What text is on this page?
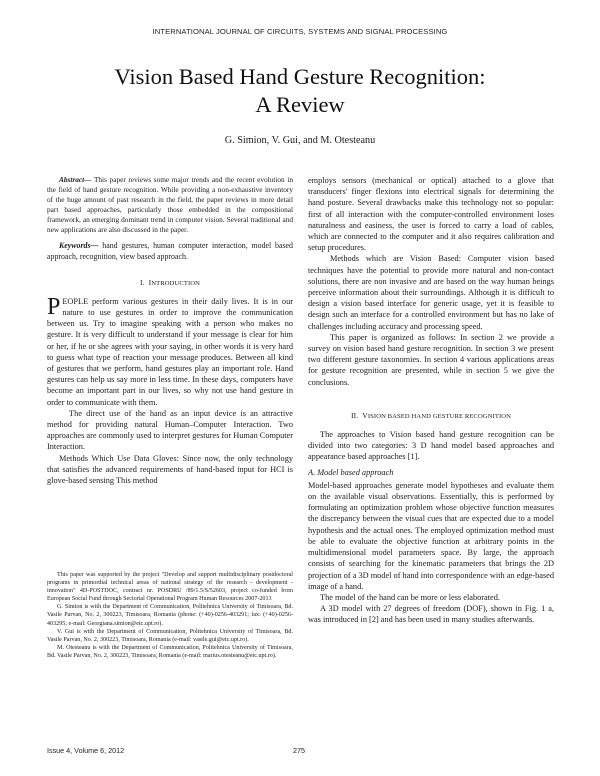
INTERNATIONAL JOURNAL OF CIRCUITS, SYSTEMS AND SIGNAL PROCESSING
Vision Based Hand Gesture Recognition:
A Review
G. Simion, V. Gui, and M. Otesteanu

Abstract— This paper reviews some major trends and the recent evolution in the field of hand gesture recognition. While providing a non-exhaustive inventory of the huge amount of past research in the field, the paper reviews in more detail part based approaches, particularly those embedded in the compositional framework, an emerging dominant trend in computer vision. Several traditional and new applications are also discussed in the paper.

Keywords— hand gestures, human computer interaction, model based approach, recognition, view based approach.

I. INTRODUCTION

PEOPLE perform various gestures in their daily lives. It is in our nature to use gestures in order to improve the communication between us. Try to imagine speaking with a person who makes no gesture. It is very difficult to understand if your message is clear for him or her, if he or she agrees with your saying, in other words it is very hard to guess what type of reaction your message produces. Between all kind of gestures that we perform, hand gestures play an important role. Hand gestures can help us say more in less time. In these days, computers have become an important part in our lives, so why not use hand gesture in order to communicate with them.

The direct use of the hand as an input device is an attractive method for providing natural Human–Computer Interaction. Two approaches are commonly used to interpret gestures for Human Computer Interaction.

Methods Which Use Data Gloves: Since now, the only technology that satisfies the advanced requirements of hand-based input for HCI is glove-based sensing This method

This paper was supported by the project "Develop and support multidisciplinary postdoctoral programs in primordial technical areas of national strategy of the research - development - innovation" 4D-POSTDOC, contract nr. POSDRU /89/1.5/S/52603, project co-funded from European Social Fund through Sectorial Operational Program Human Resources 2007-2013

G. Simion is with the Department of Communication, Politehnica University of Timisoara, Bd. Vasile Parvan, No. 2, 300223, Timisoara, Romania (phone: (+40)-0256-403291; fax: (+40)-0256-403295; e-mail: Georgiana.simion@etc.upt.ro).

V. Gui is with the Department of Communication, Politehnica University of Timisoara, Bd. Vasile Parvan, No. 2, 300223, Timisoara, Romania (e-mail: vasile.gui@etc.upt.ro).

M. Otesteanu is with the Department of Communication, Politehnica University of Timisoara, Bd. Vasile Parvan, No. 2, 300223, Timisoara, Romania (e-mail: marius.otesteanu@etc.upt.ro).

employs sensors (mechanical or optical) attached to a glove that transducers' finger flexions into electrical signals for determining the hand posture. Several drawbacks make this technology not so popular: first of all interaction with the computer-controlled environment loses naturalness and easiness, the user is forced to carry a load of cables, which are connected to the computer and it also requires calibration and setup procedures.

Methods which are Vision Based: Computer vision based techniques have the potential to provide more natural and non-contact solutions, there are non invasive and are based on the way human beings perceive information about their surroundings. Although it is difficult to design a vision based interface for generic usage, yet it is feasible to design such an interface for a controlled environment but has no lake of challenges including accuracy and processing speed.

This paper is organized as follows: In section 2 we provide a survey on vision based hand gesture recognition. In section 3 we present two different gesture taxonomies. In section 4 various applications areas for gesture recognition are presented, while in section 5 we give the conclusions.

II. VISION BASED HAND GESTURE RECOGNITION

The approaches to Vision based hand gesture recognition can be divided into two categories: 3 D hand model based approaches and appearance based approaches [1].

A. Model based approach

Model-based approaches generate model hypotheses and evaluate them on the available visual observations. Essentially, this is performed by formulating an optimization problem whose objective function measures the discrepancy between the visual cues that are expected due to a model hypothesis and the actual ones. The employed optimization method must be able to evaluate the objective function at arbitrary points in the multidimensional model parameters space. By large, the approach consists of searching for the kinematic parameters that brings the 2D projection of a 3D model of hand into correspondence with an edge-based image of a hand.

The model of the hand can be more or less elaborated.

A 3D model with 27 degrees of freedom (DOF), shown in Fig. 1 a, was introduced in [2] and has been used in many studies afterwards.

Issue 4, Volume 6, 2012	275
